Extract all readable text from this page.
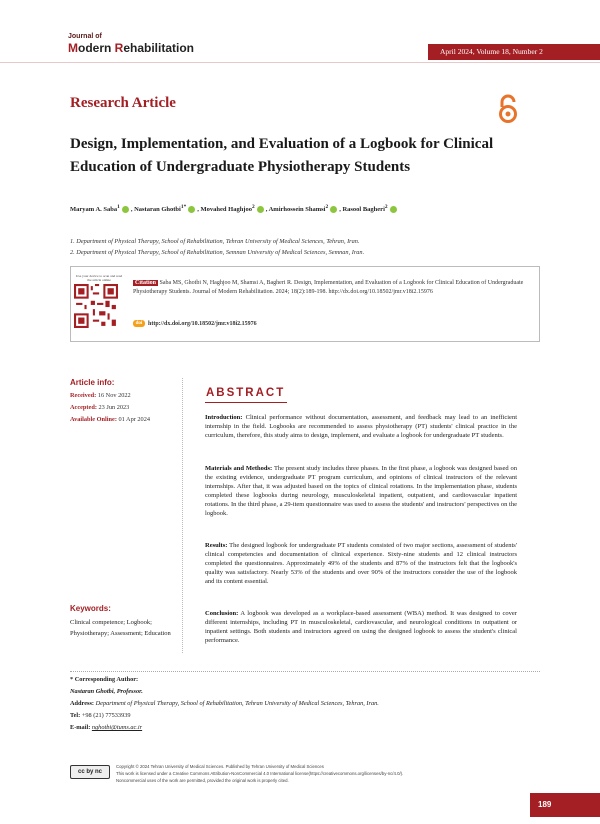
Journal of
Modern Rehabilitation	April 2024, Volume 18, Number 2
Research Article
Design, Implementation, and Evaluation of a Logbook for Clinical Education of Undergraduate Physiotherapy Students
Maryam A. Saba$^1$ , Nastaran Ghotbi$^{1*}$ , Movahed Haghjoo$^2$ , Amirhossein Shamsi$^2$ , Rasool Bagheri$^2$
1. Department of Physical Therapy, School of Rehabilitation, Tehran University of Medical Sciences, Tehran, Iran.
2. Department of Physical Therapy, School of Rehabilitation, Semnan University of Medical Sciences, Semnan, Iran.
Use your device to scan and read the article online	Citation Saba MS, Ghotbi N, Haghjoo M, Shamsi A, Bagheri R. Design, Implementation, and Evaluation of a Logbook for Clinical Education of Undergraduate Physiotherapy Students. Journal of Modern Rehabilitation. 2024; 18(2):189-198. http://dx.doi.org/10.18502/jmr.v18i2.15976
doi http://dx.doi.org/10.18502/jmr.v18i2.15976
Article info:
Received: 16 Nov 2022
Accepted: 23 Jun 2023
Available Online: 01 Apr 2024
ABSTRACT
Introduction: Clinical performance without documentation, assessment, and feedback may lead to an inefficient internship in the field. Logbooks are recommended to assess physiotherapy (PT) students' clinical practice in the curriculum, therefore, this study aims to design, implement, and evaluate a logbook for undergraduate PT students.
Materials and Methods: The present study includes three phases. In the first phase, a logbook was designed based on the existing evidence, undergraduate PT program curriculum, and opinions of clinical instructors of the relevant internships. After that, it was adjusted based on the topics of clinical rotations. In the implementation phase, students completed these logbooks during neurology, musculoskeletal inpatient, outpatient, and cardiovascular inpatient rotations. In the third phase, a 29-item questionnaire was used to assess the students' and instructors' perspectives on the logbook.
Results: The designed logbook for undergraduate PT students consisted of two major sections, assessment of students' clinical competencies and documentation of clinical experience. Sixty-nine students and 12 clinical instructors completed the questionnaires. Approximately 49% of the students and 87% of the instructors felt that the logbook's quality was satisfactory. Nearly 53% of the students and over 90% of the instructors consider the use of the logbook and its content essential.
Conclusion: A logbook was developed as a workplace-based assessment (WBA) method. It was designed to cover different internships, including PT in musculoskeletal, cardiovascular, and neurological conditions in outpatient or inpatient settings. Both students and instructors agreed on using the designed logbook to assess the student's clinical performance.
Keywords:
Clinical competence; Logbook; Physiotherapy; Assessment; Education
* Corresponding Author:
Nastaran Ghotbi, Professor.
Address: Department of Physical Therapy, School of Rehabilitation, Tehran University of Medical Sciences, Tehran, Iran.
Tel: +98 (21) 77533939
E-mail: nghotbi@tums.ac.ir
cc by nc
Copyright © 2024 Tehran University of Medical Sciences. Published by Tehran University of Medical Sciences
This work is licensed under a Creative Commons Attribution-NonCommercial 4.0 International license(https://creativecommons.org/licenses/by-nc/4.0/).
Noncommercial uses of the work are permitted, provided the original work is properly cited.
189
